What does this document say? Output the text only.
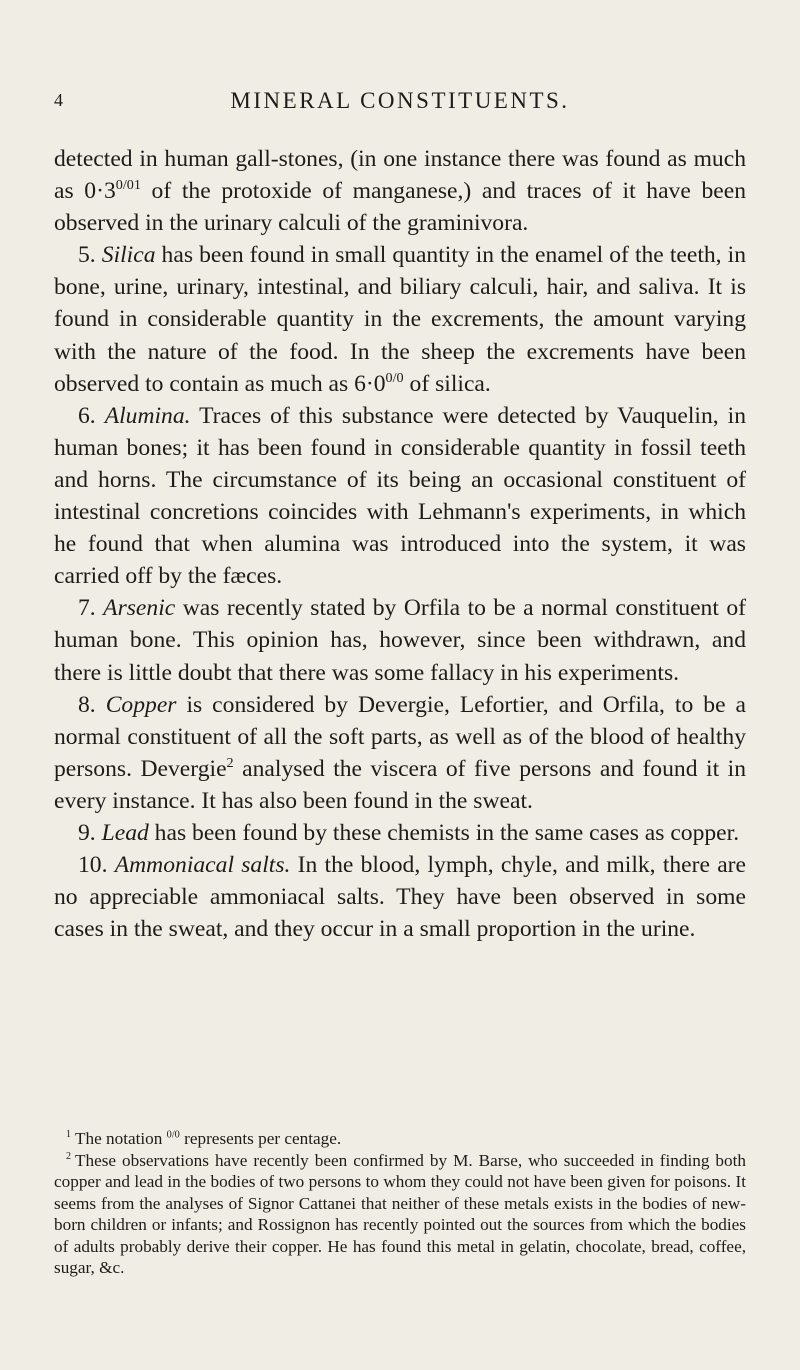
4	MINERAL CONSTITUENTS.

detected in human gall-stones, (in one instance there was found as much as $0\cdot 3^{0/01}$ of the protoxide of manganese,) and traces of it have been observed in the urinary calculi of the graminivora.

5. Silica has been found in small quantity in the enamel of the teeth, in bone, urine, urinary, intestinal, and biliary calculi, hair, and saliva. It is found in considerable quantity in the excrements, the amount varying with the nature of the food. In the sheep the excrements have been observed to contain as much as $6\cdot 0^{0/0}$ of silica.

6. Alumina. Traces of this substance were detected by Vauquelin, in human bones; it has been found in considerable quantity in fossil teeth and horns. The circumstance of its being an occasional constituent of intestinal concretions coincides with Lehmann's experiments, in which he found that when alumina was introduced into the system, it was carried off by the fæces.

7. Arsenic was recently stated by Orfila to be a normal constituent of human bone. This opinion has, however, since been withdrawn, and there is little doubt that there was some fallacy in his experiments.

8. Copper is considered by Devergie, Lefortier, and Orfila, to be a normal constituent of all the soft parts, as well as of the blood of healthy persons. Devergie$^2$ analysed the viscera of five persons and found it in every instance. It has also been found in the sweat.

9. Lead has been found by these chemists in the same cases as copper.

10. Ammoniacal salts. In the blood, lymph, chyle, and milk, there are no appreciable ammoniacal salts. They have been observed in some cases in the sweat, and they occur in a small proportion in the urine.

$^1$ The notation $^{0/0}$ represents per centage.

$^2$ These observations have recently been confirmed by M. Barse, who succeeded in finding both copper and lead in the bodies of two persons to whom they could not have been given for poisons. It seems from the analyses of Signor Cattanei that neither of these metals exists in the bodies of new-born children or infants; and Rossignon has recently pointed out the sources from which the bodies of adults probably derive their copper. He has found this metal in gelatin, chocolate, bread, coffee, sugar, &c.
